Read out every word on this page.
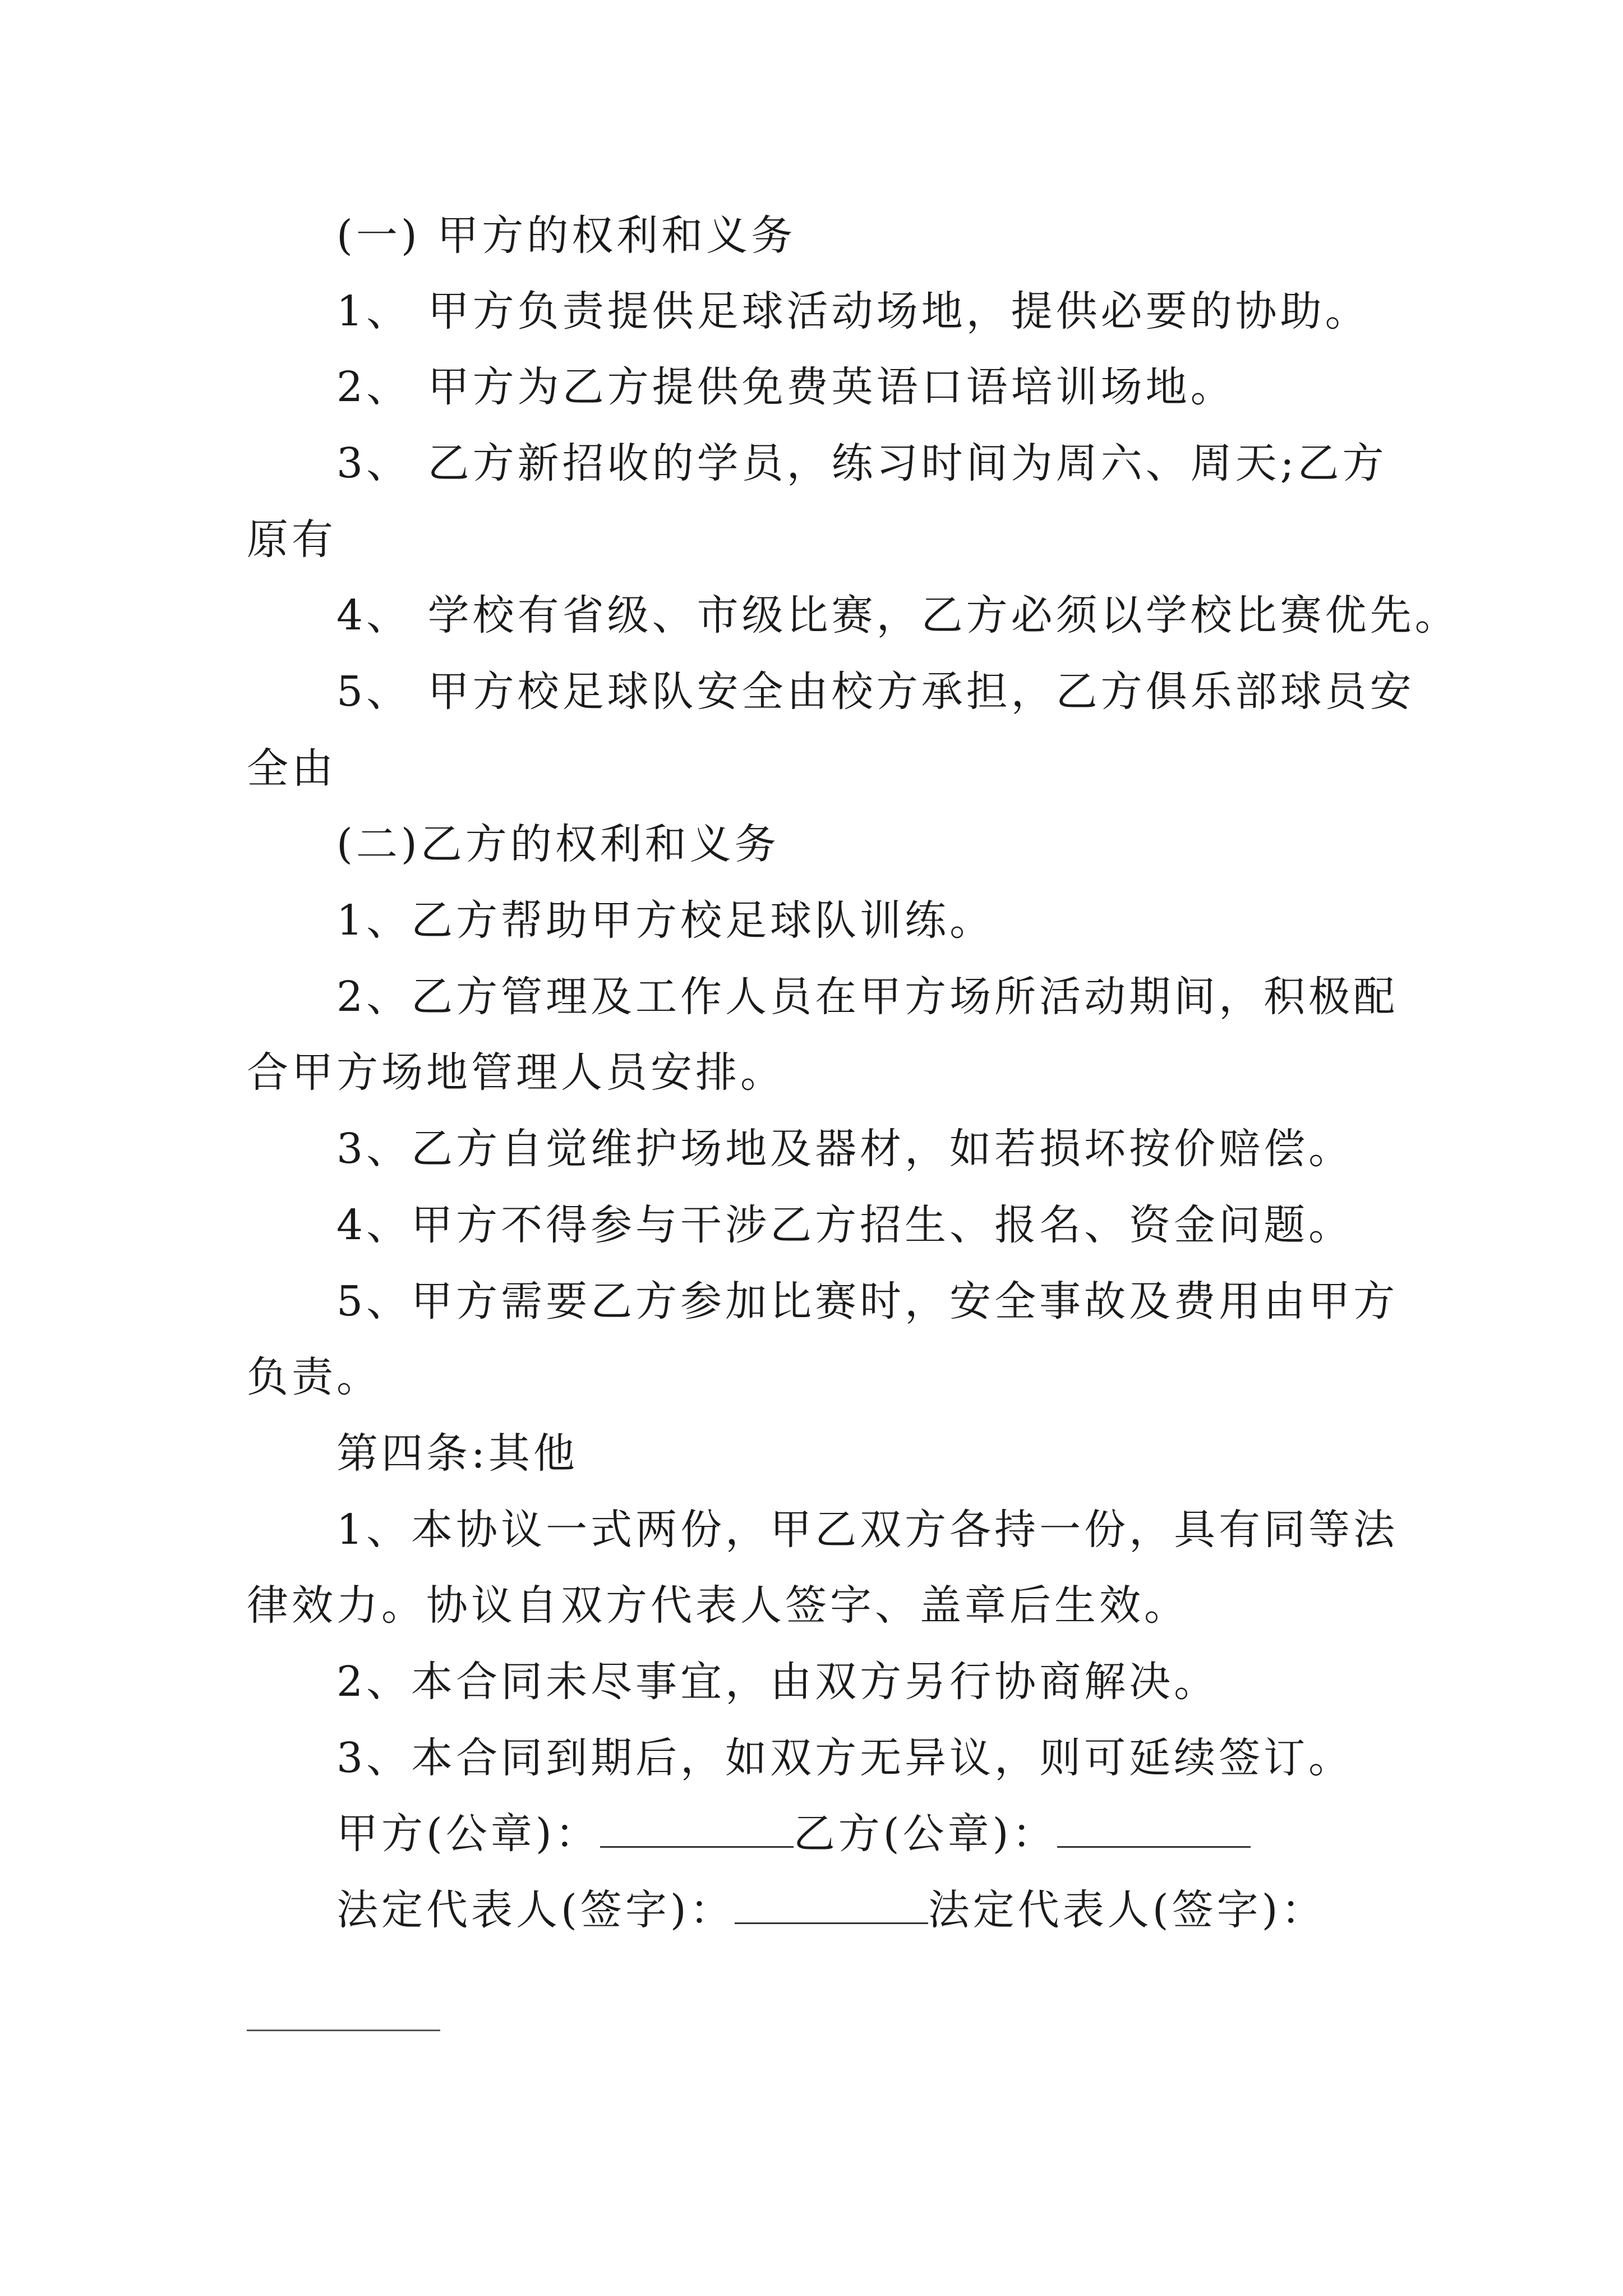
(一) 甲方的权利和义务
1、 甲方负责提供足球活动场地，提供必要的协助。
2、 甲方为乙方提供免费英语口语培训场地。
3、 乙方新招收的学员，练习时间为周六、周天;乙方
原有
4、 学校有省级、市级比赛，乙方必须以学校比赛优先。
5、 甲方校足球队安全由校方承担，乙方俱乐部球员安
全由
(二)乙方的权利和义务
1、乙方帮助甲方校足球队训练。
2、乙方管理及工作人员在甲方场所活动期间，积极配
合甲方场地管理人员安排。
3、乙方自觉维护场地及器材，如若损坏按价赔偿。
4、甲方不得参与干涉乙方招生、报名、资金问题。
5、甲方需要乙方参加比赛时，安全事故及费用由甲方
负责。
第四条:其他
1、本协议一式两份，甲乙双方各持一份，具有同等法
律效力。协议自双方代表人签字、盖章后生效。
2、本合同未尽事宜，由双方另行协商解决。
3、本合同到期后，如双方无异议，则可延续签订。
甲方(公章)：	乙方(公章)：
法定代表人(签字)：	法定代表人(签字)：
